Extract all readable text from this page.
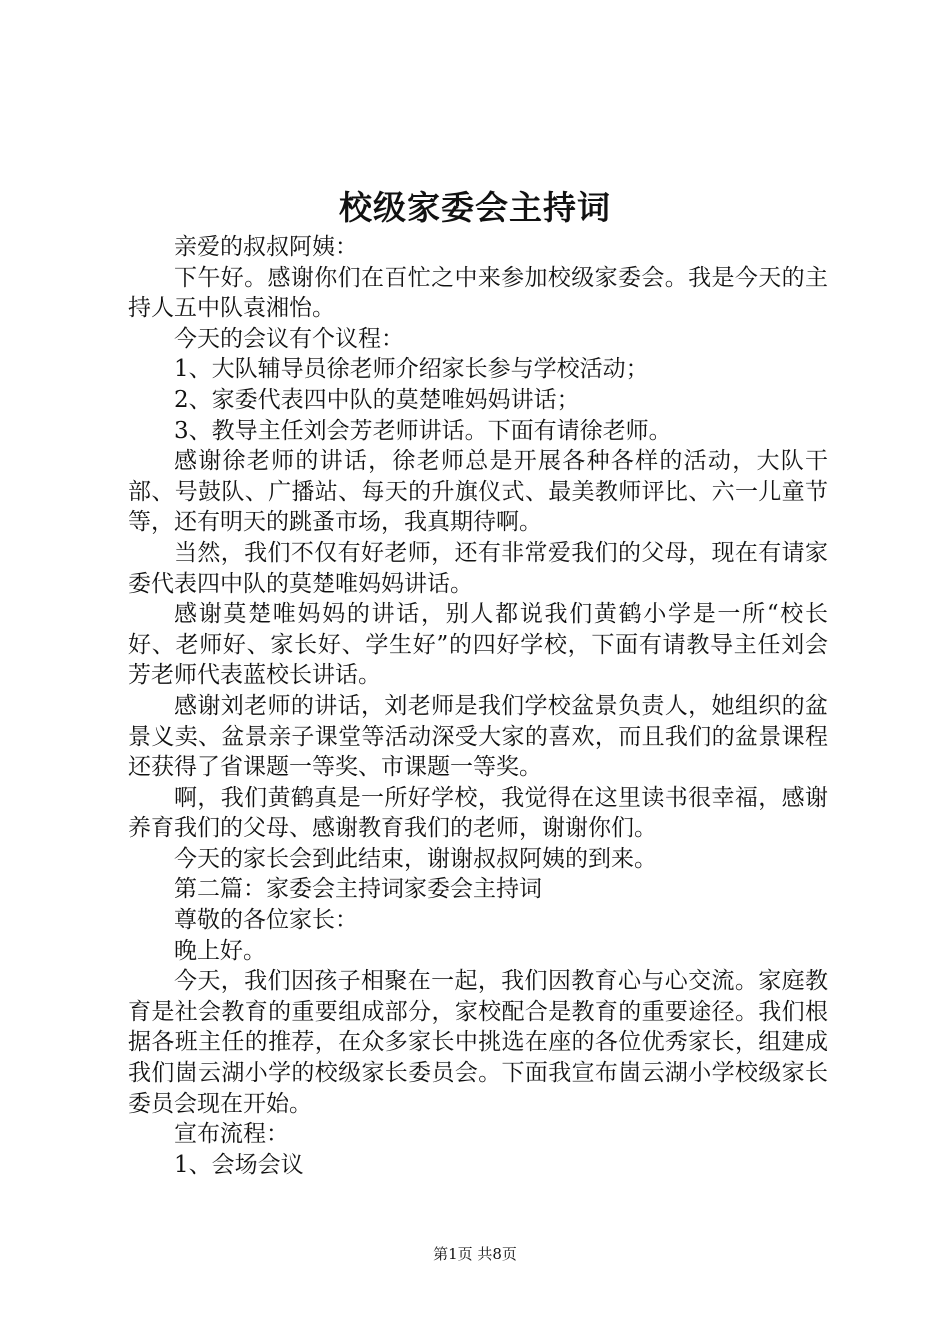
校级家委会主持词

亲爱的叔叔阿姨：

下午好。感谢你们在百忙之中来参加校级家委会。我是今天的主持人五中队袁湘怡。

今天的会议有个议程：

1、大队辅导员徐老师介绍家长参与学校活动；

2、家委代表四中队的莫楚唯妈妈讲话；

3、教导主任刘会芳老师讲话。下面有请徐老师。

感谢徐老师的讲话，徐老师总是开展各种各样的活动，大队干部、号鼓队、广播站、每天的升旗仪式、最美教师评比、六一儿童节等，还有明天的跳蚤市场，我真期待啊。

当然，我们不仅有好老师，还有非常爱我们的父母，现在有请家委代表四中队的莫楚唯妈妈讲话。

感谢莫楚唯妈妈的讲话，别人都说我们黄鹤小学是一所“校长好、老师好、家长好、学生好”的四好学校，下面有请教导主任刘会芳老师代表蓝校长讲话。

感谢刘老师的讲话，刘老师是我们学校盆景负责人，她组织的盆景义卖、盆景亲子课堂等活动深受大家的喜欢，而且我们的盆景课程还获得了省课题一等奖、市课题一等奖。

啊，我们黄鹤真是一所好学校，我觉得在这里读书很幸福，感谢养育我们的父母、感谢教育我们的老师，谢谢你们。

今天的家长会到此结束，谢谢叔叔阿姨的到来。

第二篇：家委会主持词家委会主持词

尊敬的各位家长：

晚上好。

今天，我们因孩子相聚在一起，我们因教育心与心交流。家庭教育是社会教育的重要组成部分，家校配合是教育的重要途径。我们根据各班主任的推荐，在众多家长中挑选在座的各位优秀家长，组建成我们崮云湖小学的校级家长委员会。下面我宣布崮云湖小学校级家长委员会现在开始。

宣布流程：

1、会场会议

第1页 共8页
